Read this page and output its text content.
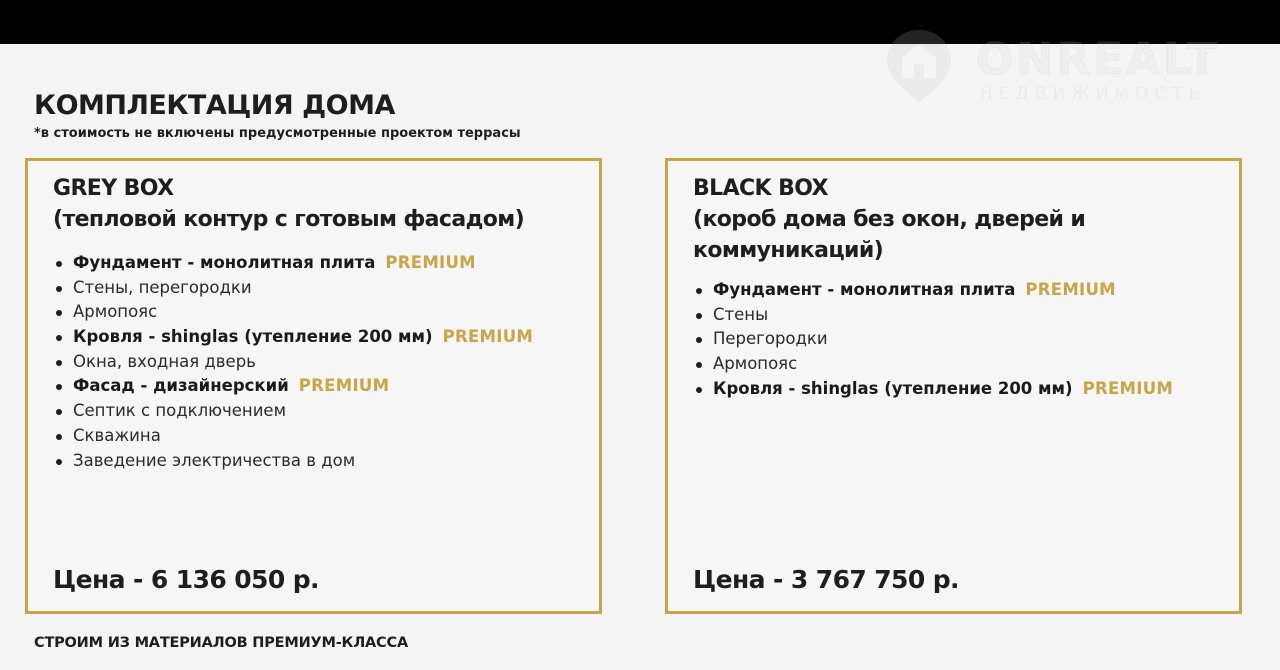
ONREALT
НЕДВИЖИМОСТЬ
КОМПЛЕКТАЦИЯ ДОМА
*в стоимость не включены предусмотренные проектом террасы
GREY BOX
(тепловой контур с готовым фасадом)
Фундамент - монолитная плита PREMIUM
Стены, перегородки
Армопояс
Кровля - shinglas (утепление 200 мм) PREMIUM
Окна, входная дверь
Фасад - дизайнерский PREMIUM
Септик с подключением
Скважина
Заведение электричества в дом
Цена - 6 136 050 р.
BLACK BOX
(короб дома без окон, дверей и
коммуникаций)
Фундамент - монолитная плита PREMIUM
Стены
Перегородки
Армопояс
Кровля - shinglas (утепление 200 мм) PREMIUM
Цена - 3 767 750 р.
СТРОИМ ИЗ МАТЕРИАЛОВ ПРЕМИУМ-КЛАССА
